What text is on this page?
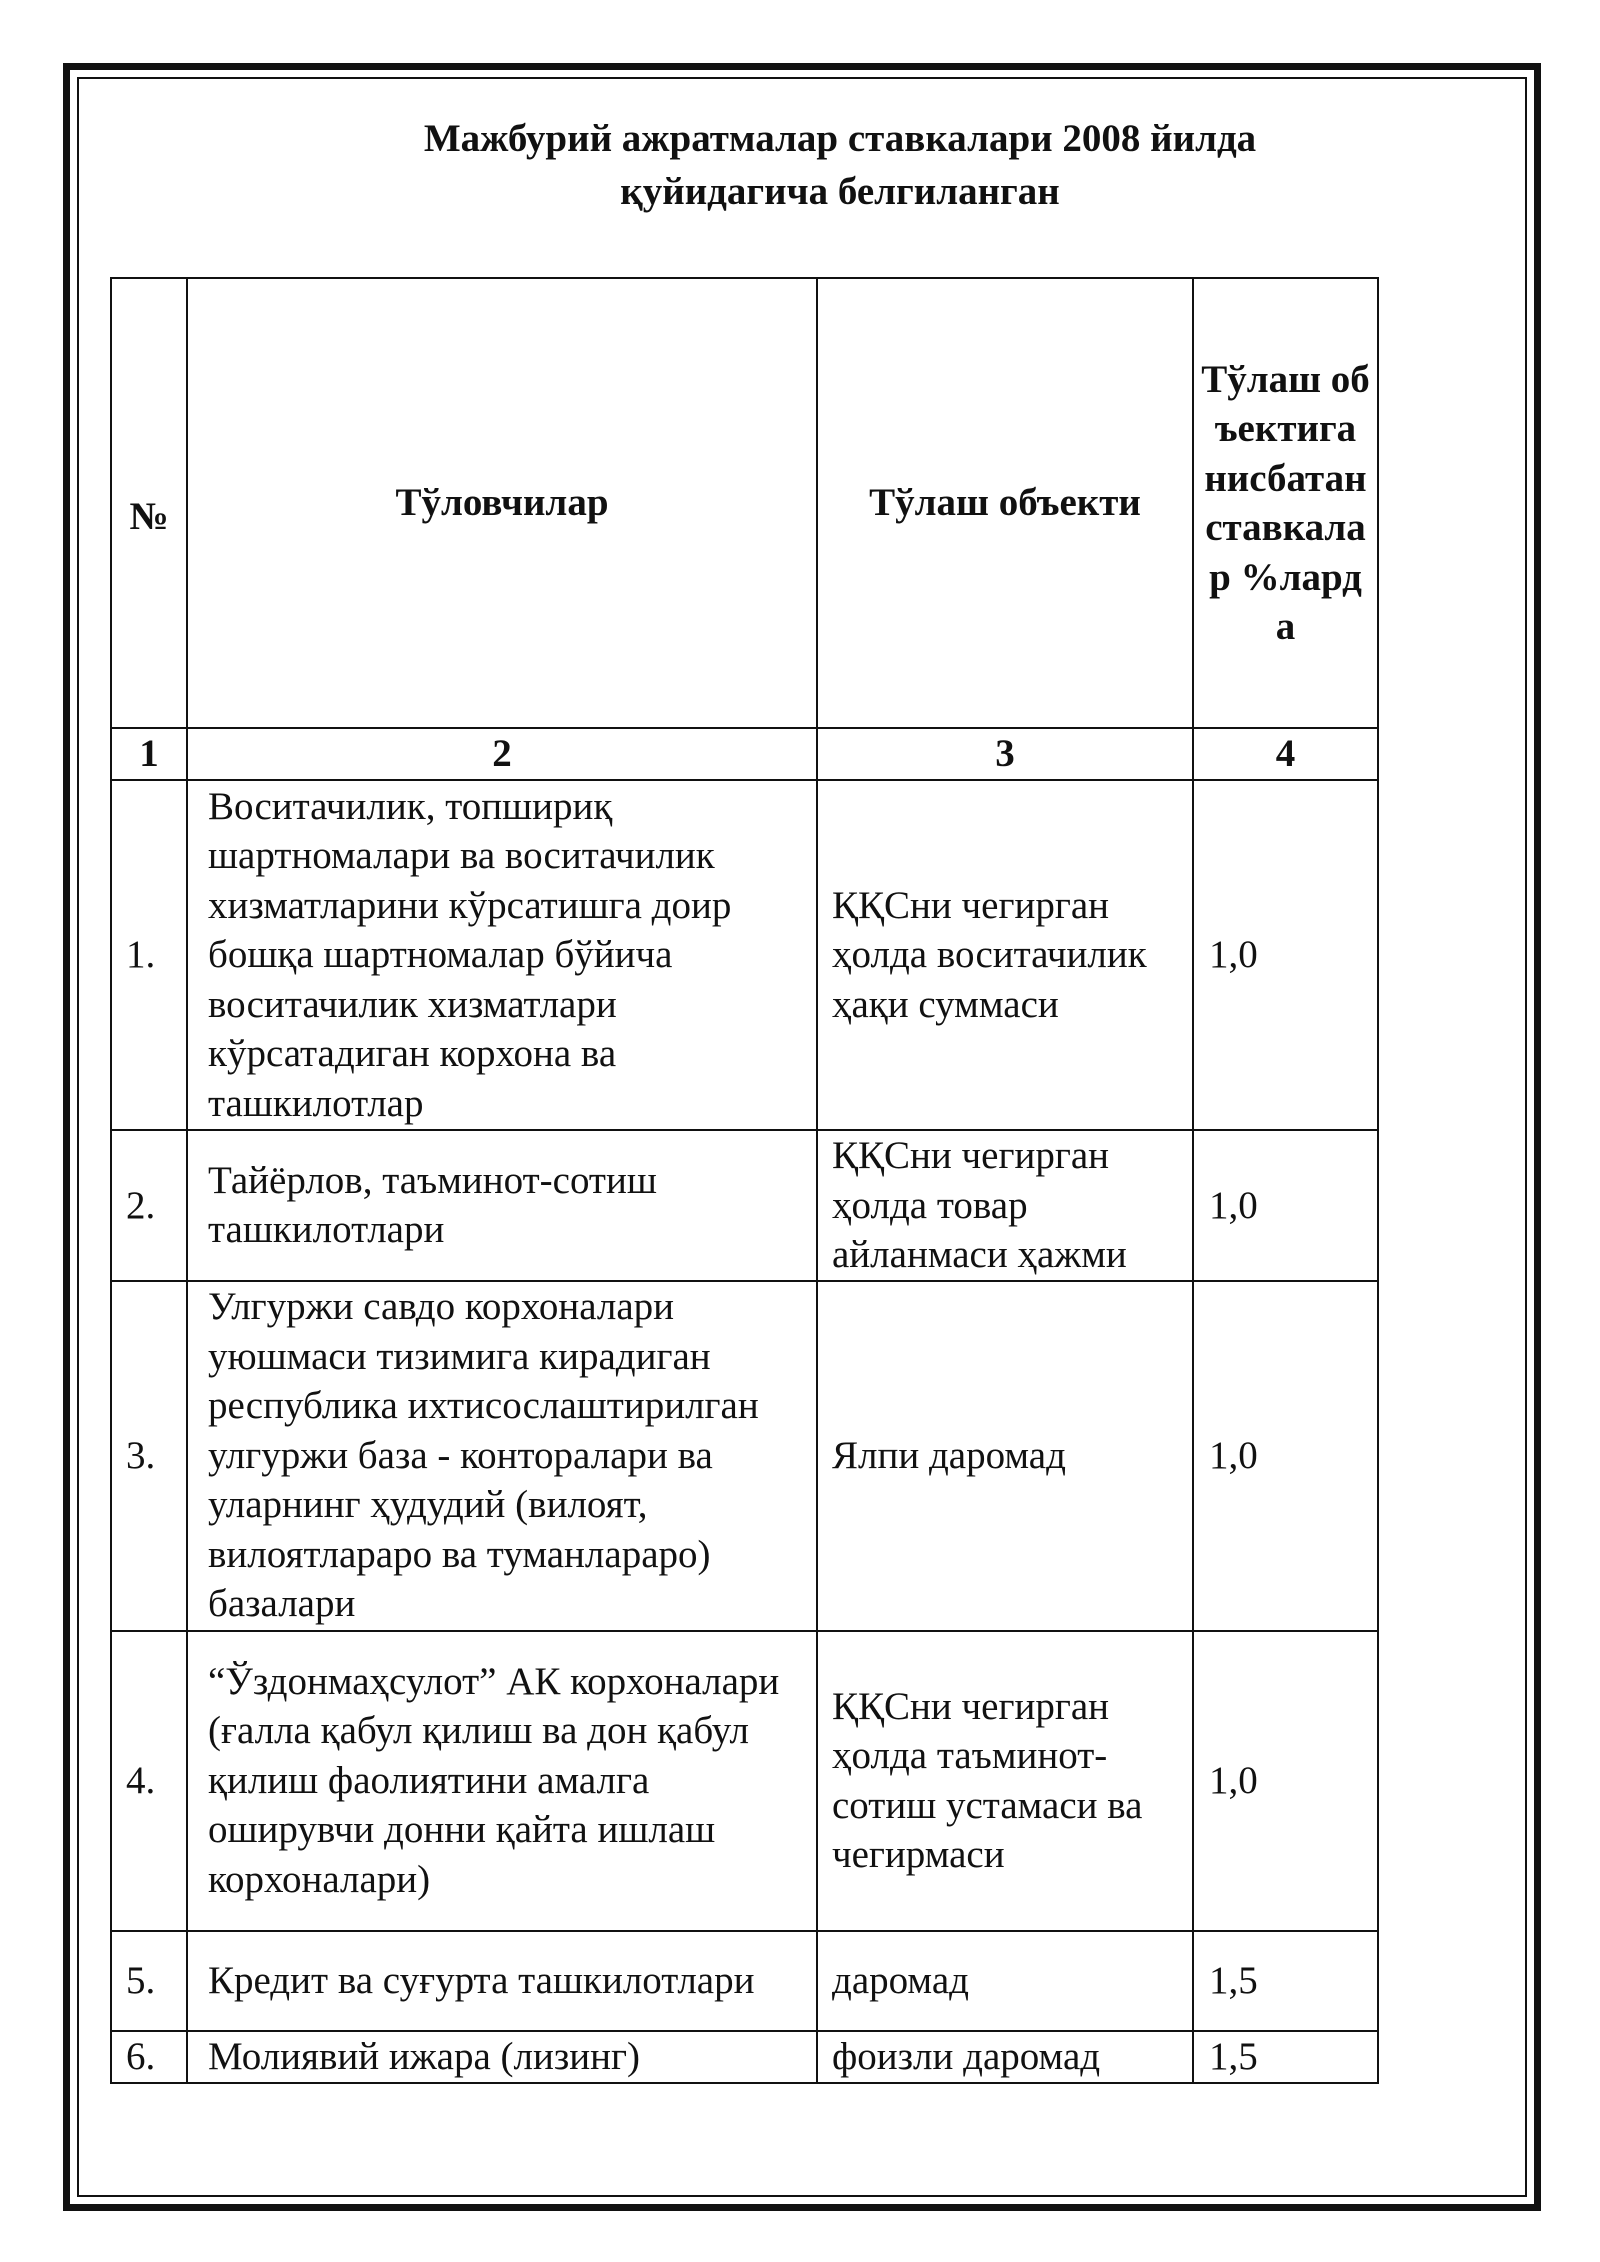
Мажбурий ажратмалар ставкалари 2008 йилда
қуйидагича белгиланган
№	Тўловчилар	Тўлаш объекти	Тўлаш объектига нисбатан ставкалар %ларда

1	2	3	4
1.	Воситачилик, топшириқ шартномалари ва воситачилик хизматларини кўрсатишга доир бошқа шартномалар бўйича воситачилик хизматлари кўрсатадиган корхона ва ташкилотлар	ҚҚСни чегирган ҳолда воситачилик ҳақи суммаси	1,0
2.	Тайёрлов, таъминот-сотиш ташкилотлари	ҚҚСни чегирган ҳолда товар айланмаси ҳажми	1,0
3.	Улгуржи савдо корхоналари уюшмаси тизимига кирадиган республика ихтисослаштирилган улгуржи база - конторалари ва уларнинг ҳудудий (вилоят, вилоятлараро ва туманлараро) базалари	Ялпи даромад	1,0
4.	“Ўздонмаҳсулот” АК корхоналари (ғалла қабул қилиш ва дон қабул қилиш фаолиятини амалга оширувчи донни қайта ишлаш корхоналари)	ҚҚСни чегирган ҳолда таъминот-сотиш устамаси ва чегирмаси	1,0
5.	Кредит ва суғурта ташкилотлари	даромад	1,5
6.	Молиявий ижара (лизинг)	фоизли даромад	1,5
